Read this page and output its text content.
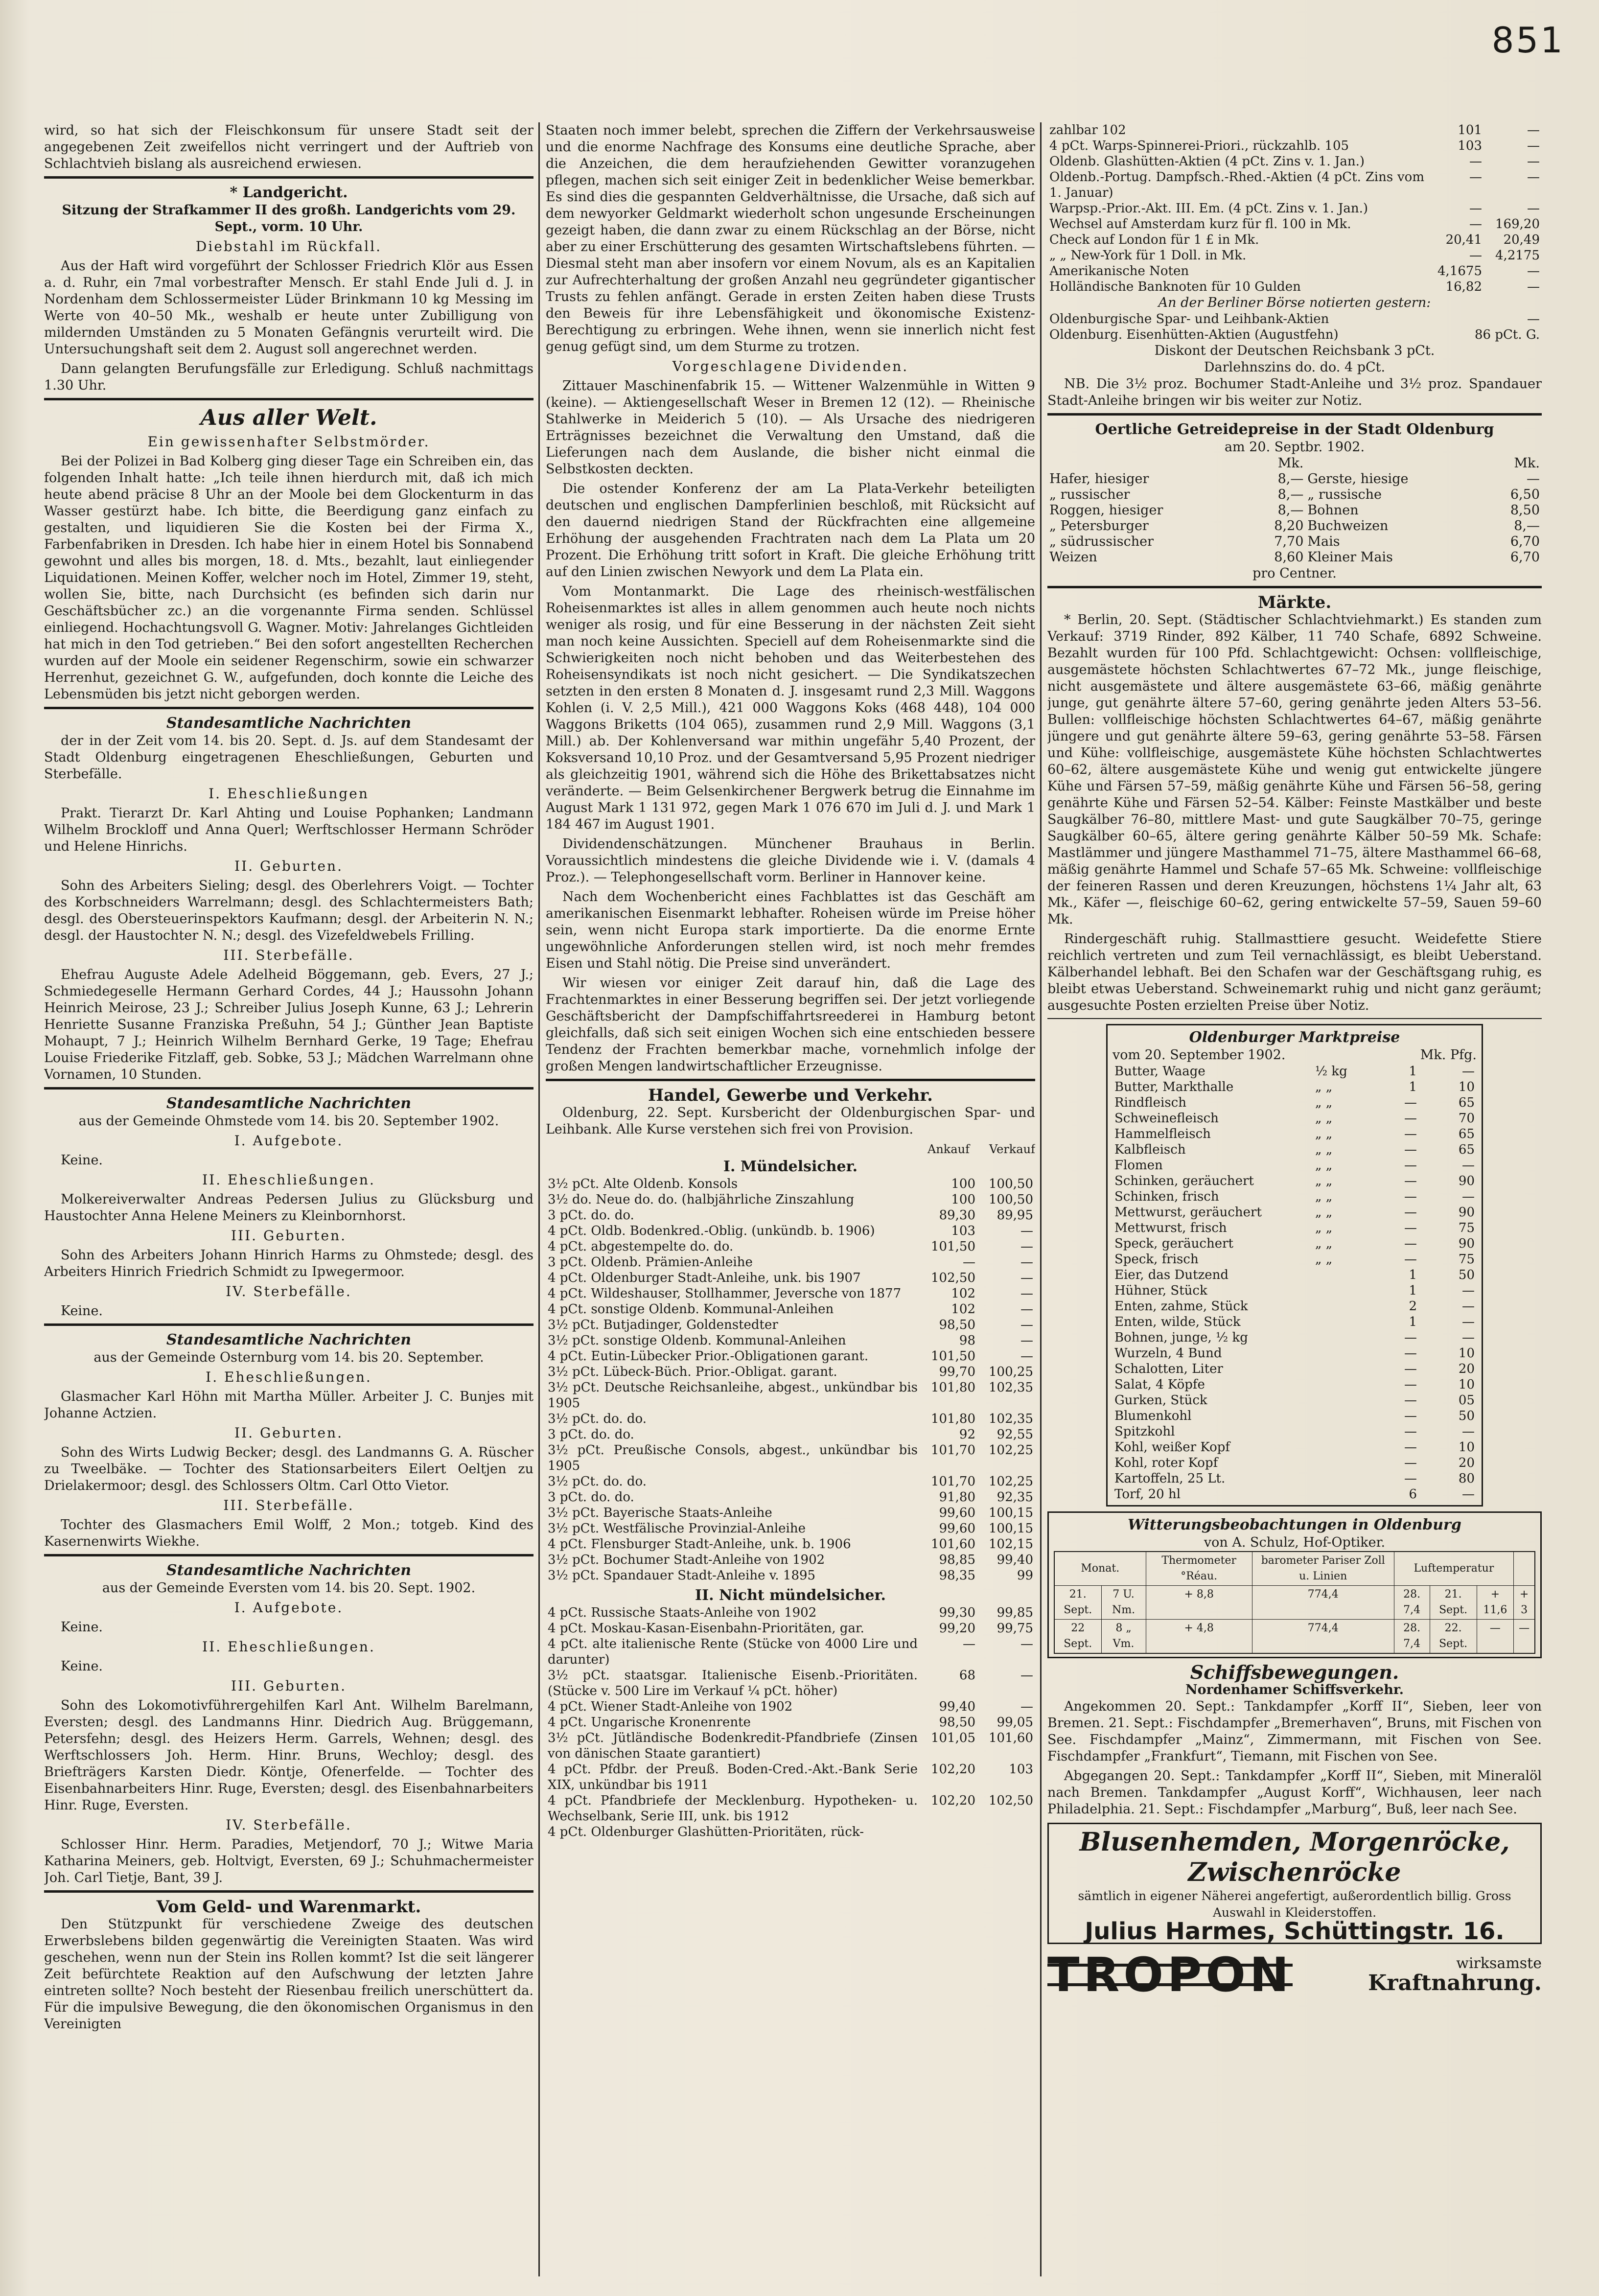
851

wird, so hat sich der Fleischkonsum für unsere Stadt seit der angegebenen Zeit zweifellos nicht verringert und der Auftrieb von Schlachtvieh bislang als ausreichend erwiesen.

* Landgericht.
Sitzung der Strafkammer II des großh. Landgerichts vom 29. Sept., vorm. 10 Uhr.
Diebstahl im Rückfall.

Aus der Haft wird vorgeführt der Schlosser Friedrich Klör aus Essen a. d. Ruhr, ein 7mal vorbestrafter Mensch. Er stahl Ende Juli d. J. in Nordenham dem Schlossermeister Lüder Brinkmann 10 kg Messing im Werte von 40–50 Mk., weshalb er heute unter Zubilligung von mildernden Umständen zu 5 Monaten Gefängnis verurteilt wird. Die Untersuchungshaft seit dem 2. August soll angerechnet werden.

Dann gelangten Berufungsfälle zur Erledigung. Schluß nachmittags 1.30 Uhr.

Aus aller Welt.
Ein gewissenhafter Selbstmörder.

Bei der Polizei in Bad Kolberg ging dieser Tage ein Schreiben ein, das folgenden Inhalt hatte: „Ich teile ihnen hierdurch mit, daß ich mich heute abend präcise 8 Uhr an der Moole bei dem Glockenturm in das Wasser gestürzt habe. Ich bitte, die Beerdigung ganz einfach zu gestalten, und liquidieren Sie die Kosten bei der Firma X., Farbenfabriken in Dresden. Ich habe hier in einem Hotel bis Sonnabend gewohnt und alles bis morgen, 18. d. Mts., bezahlt, laut einliegender Liquidationen. Meinen Koffer, welcher noch im Hotel, Zimmer 19, steht, wollen Sie, bitte, nach Durchsicht (es befinden sich darin nur Geschäftsbücher zc.) an die vorgenannte Firma senden. Schlüssel einliegend. Hochachtungsvoll G. Wagner. Motiv: Jahrelanges Gichtleiden hat mich in den Tod getrieben.“ Bei den sofort angestellten Recherchen wurden auf der Moole ein seidener Regenschirm, sowie ein schwarzer Herrenhut, gezeichnet G. W., aufgefunden, doch konnte die Leiche des Lebensmüden bis jetzt nicht geborgen werden.

Standesamtliche Nachrichten

der in der Zeit vom 14. bis 20. Sept. d. Js. auf dem Standesamt der Stadt Oldenburg eingetragenen Eheschließungen, Geburten und Sterbefälle.

I. Eheschließungen

Prakt. Tierarzt Dr. Karl Ahting und Louise Pophanken; Landmann Wilhelm Brockloff und Anna Querl; Werftschlosser Hermann Schröder und Helene Hinrichs.

II. Geburten.

Sohn des Arbeiters Sieling; desgl. des Oberlehrers Voigt. — Tochter des Korbschneiders Warrelmann; desgl. des Schlachtermeisters Bath; desgl. des Obersteuerinspektors Kaufmann; desgl. der Arbeiterin N. N.; desgl. der Haustochter N. N.; desgl. des Vizefeldwebels Frilling.

III. Sterbefälle.

Ehefrau Auguste Adele Adelheid Böggemann, geb. Evers, 27 J.; Schmiedegeselle Hermann Gerhard Cordes, 44 J.; Haussohn Johann Heinrich Meirose, 23 J.; Schreiber Julius Joseph Kunne, 63 J.; Lehrerin Henriette Susanne Franziska Preßuhn, 54 J.; Günther Jean Baptiste Mohaupt, 7 J.; Heinrich Wilhelm Bernhard Gerke, 19 Tage; Ehefrau Louise Friederike Fitzlaff, geb. Sobke, 53 J.; Mädchen Warrelmann ohne Vornamen, 10 Stunden.

Standesamtliche Nachrichten
aus der Gemeinde Ohmstede vom 14. bis 20. September 1902.
I. Aufgebote.

Keine.

II. Eheschließungen.

Molkereiverwalter Andreas Pedersen Julius zu Glücksburg und Haustochter Anna Helene Meiners zu Kleinbornhorst.

III. Geburten.

Sohn des Arbeiters Johann Hinrich Harms zu Ohmstede; desgl. des Arbeiters Hinrich Friedrich Schmidt zu Ipwegermoor.

IV. Sterbefälle.

Keine.

Standesamtliche Nachrichten
aus der Gemeinde Osternburg vom 14. bis 20. September.
I. Eheschließungen.

Glasmacher Karl Höhn mit Martha Müller. Arbeiter J. C. Bunjes mit Johanne Actzien.

II. Geburten.

Sohn des Wirts Ludwig Becker; desgl. des Landmanns G. A. Rüscher zu Tweelbäke. — Tochter des Stationsarbeiters Eilert Oeltjen zu Drielakermoor; desgl. des Schlossers Oltm. Carl Otto Vietor.

III. Sterbefälle.

Tochter des Glasmachers Emil Wolff, 2 Mon.; totgeb. Kind des Kasernenwirts Wiekhe.

Standesamtliche Nachrichten
aus der Gemeinde Eversten vom 14. bis 20. Sept. 1902.
I. Aufgebote.

Keine.

II. Eheschließungen.

Keine.

III. Geburten.

Sohn des Lokomotivführergehilfen Karl Ant. Wilhelm Barelmann, Eversten; desgl. des Landmanns Hinr. Diedrich Aug. Brüggemann, Petersfehn; desgl. des Heizers Herm. Garrels, Wehnen; desgl. des Werftschlossers Joh. Herm. Hinr. Bruns, Wechloy; desgl. des Briefträgers Karsten Diedr. Köntje, Ofenerfelde. — Tochter des Eisenbahnarbeiters Hinr. Ruge, Eversten; desgl. des Eisenbahnarbeiters Hinr. Ruge, Eversten.

IV. Sterbefälle.

Schlosser Hinr. Herm. Paradies, Metjendorf, 70 J.; Witwe Maria Katharina Meiners, geb. Holtvigt, Eversten, 69 J.; Schuhmachermeister Joh. Carl Tietje, Bant, 39 J.

Vom Geld- und Warenmarkt.

Den Stützpunkt für verschiedene Zweige des deutschen Erwerbslebens bilden gegenwärtig die Vereinigten Staaten. Was wird geschehen, wenn nun der Stein ins Rollen kommt? Ist die seit längerer Zeit befürchtete Reaktion auf den Aufschwung der letzten Jahre eintreten sollte? Noch besteht der Riesenbau freilich unerschüttert da. Für die impulsive Bewegung, die den ökonomischen Organismus in den Vereinigten

Staaten noch immer belebt, sprechen die Ziffern der Verkehrsausweise und die enorme Nachfrage des Konsums eine deutliche Sprache, aber die Anzeichen, die dem heraufziehenden Gewitter voranzugehen pflegen, machen sich seit einiger Zeit in bedenklicher Weise bemerkbar. Es sind dies die gespannten Geldverhältnisse, die Ursache, daß sich auf dem newyorker Geldmarkt wiederholt schon ungesunde Erscheinungen gezeigt haben, die dann zwar zu einem Rückschlag an der Börse, nicht aber zu einer Erschütterung des gesamten Wirtschaftslebens führten. — Diesmal steht man aber insofern vor einem Novum, als es an Kapitalien zur Aufrechterhaltung der großen Anzahl neu gegründeter gigantischer Trusts zu fehlen anfängt. Gerade in ersten Zeiten haben diese Trusts den Beweis für ihre Lebensfähigkeit und ökonomische Existenz-Berechtigung zu erbringen. Wehe ihnen, wenn sie innerlich nicht fest genug gefügt sind, um dem Sturme zu trotzen.

Vorgeschlagene Dividenden.

Zittauer Maschinenfabrik 15. — Wittener Walzenmühle in Witten 9 (keine). — Aktiengesellschaft Weser in Bremen 12 (12). — Rheinische Stahlwerke in Meiderich 5 (10). — Als Ursache des niedrigeren Erträgnisses bezeichnet die Verwaltung den Umstand, daß die Lieferungen nach dem Auslande, die bisher nicht einmal die Selbstkosten deckten.

Die ostender Konferenz der am La Plata-Verkehr beteiligten deutschen und englischen Dampferlinien beschloß, mit Rücksicht auf den dauernd niedrigen Stand der Rückfrachten eine allgemeine Erhöhung der ausgehenden Frachtraten nach dem La Plata um 20 Prozent. Die Erhöhung tritt sofort in Kraft. Die gleiche Erhöhung tritt auf den Linien zwischen Newyork und dem La Plata ein.

Vom Montanmarkt. Die Lage des rheinisch-westfälischen Roheisenmarktes ist alles in allem genommen auch heute noch nichts weniger als rosig, und für eine Besserung in der nächsten Zeit sieht man noch keine Aussichten. Speciell auf dem Roheisenmarkte sind die Schwierigkeiten noch nicht behoben und das Weiterbestehen des Roheisensyndikats ist noch nicht gesichert. — Die Syndikatszechen setzten in den ersten 8 Monaten d. J. insgesamt rund 2,3 Mill. Waggons Kohlen (i. V. 2,5 Mill.), 421 000 Waggons Koks (468 448), 104 000 Waggons Briketts (104 065), zusammen rund 2,9 Mill. Waggons (3,1 Mill.) ab. Der Kohlenversand war mithin ungefähr 5,40 Prozent, der Koksversand 10,10 Proz. und der Gesamtversand 5,95 Prozent niedriger als gleichzeitig 1901, während sich die Höhe des Brikettabsatzes nicht veränderte. — Beim Gelsenkirchener Bergwerk betrug die Einnahme im August Mark 1 131 972, gegen Mark 1 076 670 im Juli d. J. und Mark 1 184 467 im August 1901.

Dividendenschätzungen. Münchener Brauhaus in Berlin. Voraussichtlich mindestens die gleiche Dividende wie i. V. (damals 4 Proz.). — Telephongesellschaft vorm. Berliner in Hannover keine.

Nach dem Wochenbericht eines Fachblattes ist das Geschäft am amerikanischen Eisenmarkt lebhafter. Roheisen würde im Preise höher sein, wenn nicht Europa stark importierte. Da die enorme Ernte ungewöhnliche Anforderungen stellen wird, ist noch mehr fremdes Eisen und Stahl nötig. Die Preise sind unverändert.

Wir wiesen vor einiger Zeit darauf hin, daß die Lage des Frachtenmarktes in einer Besserung begriffen sei. Der jetzt vorliegende Geschäftsbericht der Dampfschiffahrtsreederei in Hamburg betont gleichfalls, daß sich seit einigen Wochen sich eine entschieden bessere Tendenz der Frachten bemerkbar mache, vornehmlich infolge der großen Mengen landwirtschaftlicher Erzeugnisse.

Handel, Gewerbe und Verkehr.

Oldenburg, 22. Sept. Kursbericht der Oldenburgischen Spar- und Leihbank. Alle Kurse verstehen sich frei von Provision.

Ankauf Verkauf
I. Mündelsicher.
3½ pCt. Alte Oldenb. Konsols	100	100,50
3½ do. Neue do. do. (halbjährliche Zinszahlung	100	100,50
3 pCt. do. do.	89,30	89,95
4 pCt. Oldb. Bodenkred.-Oblig. (unkündb. b. 1906)	103	—
4 pCt. abgestempelte do. do.	101,50	—
3 pCt. Oldenb. Prämien-Anleihe	—	—
4 pCt. Oldenburger Stadt-Anleihe, unk. bis 1907	102,50	—
4 pCt. Wildeshauser, Stollhammer, Jeversche von 1877	102	—
4 pCt. sonstige Oldenb. Kommunal-Anleihen	102	—
3½ pCt. Butjadinger, Goldenstedter	98,50	—
3½ pCt. sonstige Oldenb. Kommunal-Anleihen	98	—
4 pCt. Eutin-Lübecker Prior.-Obligationen garant.	101,50	—
3½ pCt. Lübeck-Büch. Prior.-Obligat. garant.	99,70	100,25
3½ pCt. Deutsche Reichsanleihe, abgest., unkündbar bis 1905	101,80	102,35
3½ pCt. do. do.	101,80	102,35
3 pCt. do. do.	92	92,55
3½ pCt. Preußische Consols, abgest., unkündbar bis 1905	101,70	102,25
3½ pCt. do. do.	101,70	102,25
3 pCt. do. do.	91,80	92,35
3½ pCt. Bayerische Staats-Anleihe	99,60	100,15
3½ pCt. Westfälische Provinzial-Anleihe	99,60	100,15
4 pCt. Flensburger Stadt-Anleihe, unk. b. 1906	101,60	102,15
3½ pCt. Bochumer Stadt-Anleihe von 1902	98,85	99,40
3½ pCt. Spandauer Stadt-Anleihe v. 1895	98,35	99
II. Nicht mündelsicher.
4 pCt. Russische Staats-Anleihe von 1902	99,30	99,85
4 pCt. Moskau-Kasan-Eisenbahn-Prioritäten, gar.	99,20	99,75
4 pCt. alte italienische Rente (Stücke von 4000 Lire und darunter)	—	—
3½ pCt. staatsgar. Italienische Eisenb.-Prioritäten. (Stücke v. 500 Lire im Verkauf ¼ pCt. höher)	68	—
4 pCt. Wiener Stadt-Anleihe von 1902	99,40	—
4 pCt. Ungarische Kronenrente	98,50	99,05
3½ pCt. Jütländische Bodenkredit-Pfandbriefe (Zinsen von dänischen Staate garantiert)	101,05	101,60
4 pCt. Pfdbr. der Preuß. Boden-Cred.-Akt.-Bank Serie XIX, unkündbar bis 1911	102,20	103
4 pCt. Pfandbriefe der Mecklenburg. Hypotheken- u. Wechselbank, Serie III, unk. bis 1912	102,20	102,50
4 pCt. Oldenburger Glashütten-Prioritäten, rück-		
zahlbar 102	101	—
4 pCt. Warps-Spinnerei-Priori., rückzahlb. 105	103	—
Oldenb. Glashütten-Aktien (4 pCt. Zins v. 1. Jan.)	—	—
Oldenb.-Portug. Dampfsch.-Rhed.-Aktien (4 pCt. Zins vom 1. Januar)	—	—
Warpsp.-Prior.-Akt. III. Em. (4 pCt. Zins v. 1. Jan.)	—	—
Wechsel auf Amsterdam kurz für fl. 100 in Mk.	—	169,20
Check auf London für 1 £ in Mk.	20,41	20,49
„ „ New-York für 1 Doll. in Mk.	—	4,2175
Amerikanische Noten	4,1675	—
Holländische Banknoten für 10 Gulden	16,82	—
An der Berliner Börse notierten gestern:
Oldenburgische Spar- und Leihbank-Aktien	—
Oldenburg. Eisenhütten-Aktien (Augustfehn)	86 pCt. G.
Diskont der Deutschen Reichsbank 3 pCt.
Darlehnszins do. do. 4 pCt.

NB. Die 3½ proz. Bochumer Stadt-Anleihe und 3½ proz. Spandauer Stadt-Anleihe bringen wir bis weiter zur Notiz.

Oertliche Getreidepreise in der Stadt Oldenburg
am 20. Septbr. 1902.
	Mk.		Mk.
Hafer, hiesiger	8,—	Gerste, hiesige	—
„ russischer	8,—	„ russische	6,50
Roggen, hiesiger	8,—	Bohnen	8,50
„ Petersburger	8,20	Buchweizen	8,—
„ südrussischer	7,70	Mais	6,70
Weizen	8,60	Kleiner Mais	6,70
pro Centner.
Märkte.

* Berlin, 20. Sept. (Städtischer Schlachtviehmarkt.) Es standen zum Verkauf: 3719 Rinder, 892 Kälber, 11 740 Schafe, 6892 Schweine. Bezahlt wurden für 100 Pfd. Schlachtgewicht: Ochsen: vollfleischige, ausgemästete höchsten Schlachtwertes 67–72 Mk., junge fleischige, nicht ausgemästete und ältere ausgemästete 63–66, mäßig genährte junge, gut genährte ältere 57–60, gering genährte jeden Alters 53–56. Bullen: vollfleischige höchsten Schlachtwertes 64–67, mäßig genährte jüngere und gut genährte ältere 59–63, gering genährte 53–58. Färsen und Kühe: vollfleischige, ausgemästete Kühe höchsten Schlachtwertes 60–62, ältere ausgemästete Kühe und wenig gut entwickelte jüngere Kühe und Färsen 57–59, mäßig genährte Kühe und Färsen 56–58, gering genährte Kühe und Färsen 52–54. Kälber: Feinste Mastkälber und beste Saugkälber 76–80, mittlere Mast- und gute Saugkälber 70–75, geringe Saugkälber 60–65, ältere gering genährte Kälber 50–59 Mk. Schafe: Mastlämmer und jüngere Masthammel 71–75, ältere Masthammel 66–68, mäßig genährte Hammel und Schafe 57–65 Mk. Schweine: vollfleischige der feineren Rassen und deren Kreuzungen, höchstens 1¼ Jahr alt, 63 Mk., Käfer —, fleischige 60–62, gering entwickelte 57–59, Sauen 59–60 Mk.

Rindergeschäft ruhig. Stallmasttiere gesucht. Weidefette Stiere reichlich vertreten und zum Teil vernachlässigt, es bleibt Ueberstand. Kälberhandel lebhaft. Bei den Schafen war der Geschäftsgang ruhig, es bleibt etwas Ueberstand. Schweinemarkt ruhig und nicht ganz geräumt; ausgesuchte Posten erzielten Preise über Notiz.

Oldenburger Marktpreise
vom 20. September 1902.	Mk. Pfg.
Butter, Waage	½ kg	1	—
Butter, Markthalle	„ „	1	10
Rindfleisch	„ „	—	65
Schweinefleisch	„ „	—	70
Hammelfleisch	„ „	—	65
Kalbfleisch	„ „	—	65
Flomen	„ „	—	—
Schinken, geräuchert	„ „	—	90
Schinken, frisch	„ „	—	—
Mettwurst, geräuchert	„ „	—	90
Mettwurst, frisch	„ „	—	75
Speck, geräuchert	„ „	—	90
Speck, frisch	„ „	—	75
Eier, das Dutzend		1	50
Hühner, Stück		1	—
Enten, zahme, Stück		2	—
Enten, wilde, Stück		1	—
Bohnen, junge, ½ kg		—	—
Wurzeln, 4 Bund		—	10
Schalotten, Liter		—	20
Salat, 4 Köpfe		—	10
Gurken, Stück		—	05
Blumenkohl		—	50
Spitzkohl		—	—
Kohl, weißer Kopf		—	10
Kohl, roter Kopf		—	20
Kartoffeln, 25 Lt.		—	80
Torf, 20 hl		6	—
Witterungsbeobachtungen in Oldenburg
von A. Schulz, Hof-Optiker.
Monat.		Thermometer °Réau.	barometer Pariser Zoll u. Linien	Luftemperatur			
21. Sept.	7 U. Nm.	+ 8,8	774,4	28. 7,4	21. Sept.	+ 11,6	+ 3
22 Sept.	8 „ Vm.	+ 4,8	774,4	28. 7,4	22. Sept.	—	—
Schiffsbewegungen.
Nordenhamer Schiffsverkehr.

Angekommen 20. Sept.: Tankdampfer „Korff II“, Sieben, leer von Bremen. 21. Sept.: Fischdampfer „Bremerhaven“, Bruns, mit Fischen von See. Fischdampfer „Mainz“, Zimmermann, mit Fischen von See. Fischdampfer „Frankfurt“, Tiemann, mit Fischen von See.

Abgegangen 20. Sept.: Tankdampfer „Korff II“, Sieben, mit Mineralöl nach Bremen. Tankdampfer „August Korff“, Wichhausen, leer nach Philadelphia. 21. Sept.: Fischdampfer „Marburg“, Buß, leer nach See.

Blusenhemden, Morgenröcke, Zwischenröcke
sämtlich in eigener Näherei angefertigt, außerordentlich billig. Gross Auswahl in Kleiderstoffen.
Julius Harmes, Schüttingstr. 16.
TROPON	wirksamste
Kraftnahrung.
